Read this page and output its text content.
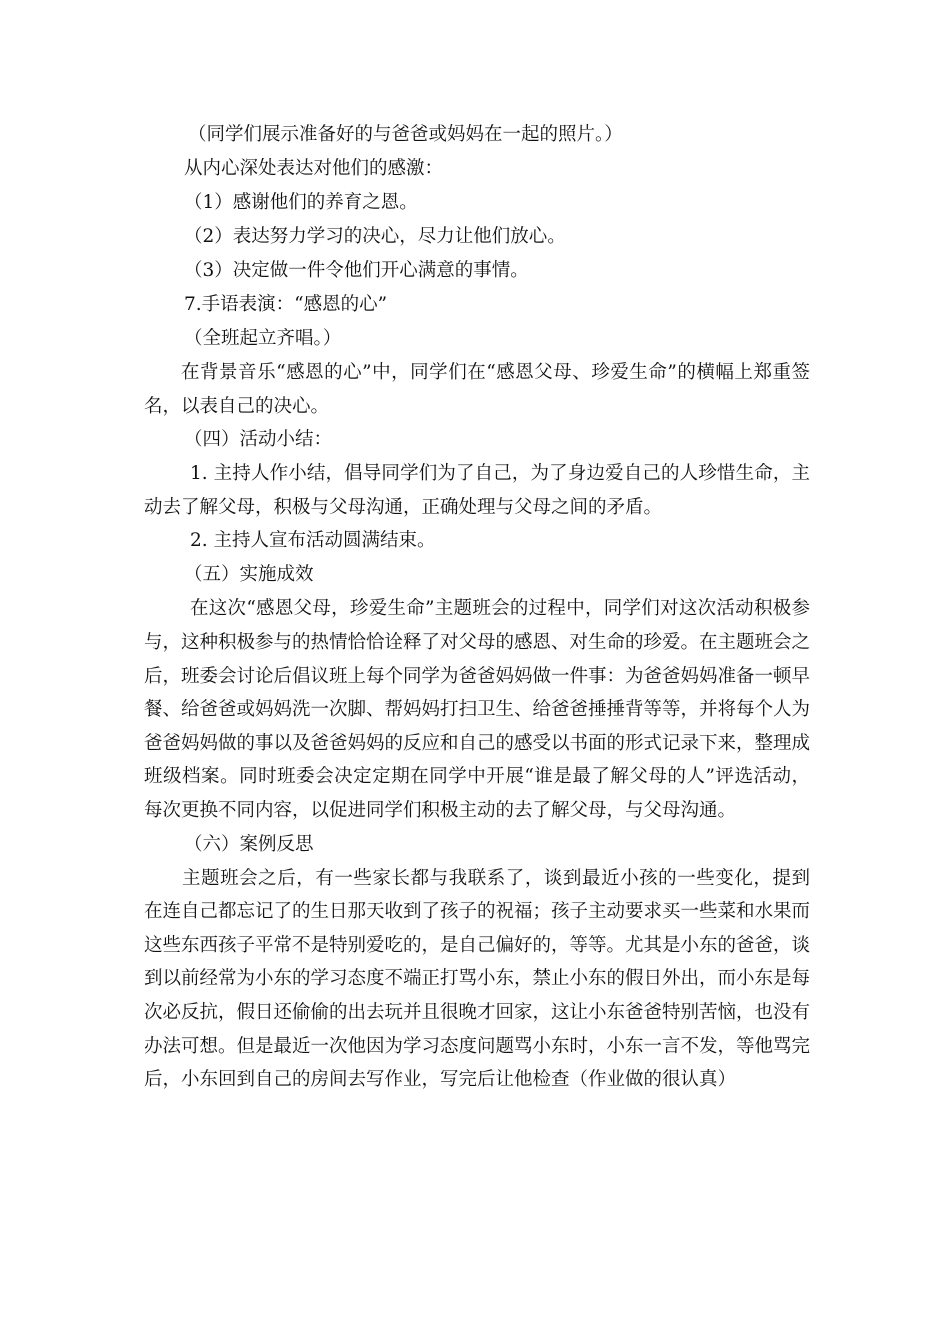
（同学们展示准备好的与爸爸或妈妈在一起的照片。）
从内心深处表达对他们的感激：
（1）感谢他们的养育之恩。
（2）表达努力学习的决心，尽力让他们放心。
（3）决定做一件令他们开心满意的事情。
7.手语表演：“感恩的心”
（全班起立齐唱。）
在背景音乐“感恩的心”中，同学们在“感恩父母、珍爱生命”的横幅上郑重签名，以表自己的决心。
（四）活动小结：
1. 主持人作小结，倡导同学们为了自己，为了身边爱自己的人珍惜生命，主动去了解父母，积极与父母沟通，正确处理与父母之间的矛盾。
2. 主持人宣布活动圆满结束。
（五）实施成效
在这次“感恩父母，珍爱生命”主题班会的过程中，同学们对这次活动积极参与，这种积极参与的热情恰恰诠释了对父母的感恩、对生命的珍爱。在主题班会之后，班委会讨论后倡议班上每个同学为爸爸妈妈做一件事：为爸爸妈妈准备一顿早餐、给爸爸或妈妈洗一次脚、帮妈妈打扫卫生、给爸爸捶捶背等等，并将每个人为爸爸妈妈做的事以及爸爸妈妈的反应和自己的感受以书面的形式记录下来，整理成班级档案。同时班委会决定定期在同学中开展“谁是最了解父母的人”评选活动，每次更换不同内容，以促进同学们积极主动的去了解父母，与父母沟通。
（六）案例反思
主题班会之后，有一些家长都与我联系了，谈到最近小孩的一些变化，提到在连自己都忘记了的生日那天收到了孩子的祝福；孩子主动要求买一些菜和水果而这些东西孩子平常不是特别爱吃的，是自己偏好的，等等。尤其是小东的爸爸，谈到以前经常为小东的学习态度不端正打骂小东，禁止小东的假日外出，而小东是每次必反抗，假日还偷偷的出去玩并且很晚才回家，这让小东爸爸特别苦恼，也没有办法可想。但是最近一次他因为学习态度问题骂小东时，小东一言不发，等他骂完后，小东回到自己的房间去写作业，写完后让他检查（作业做的很认真）
